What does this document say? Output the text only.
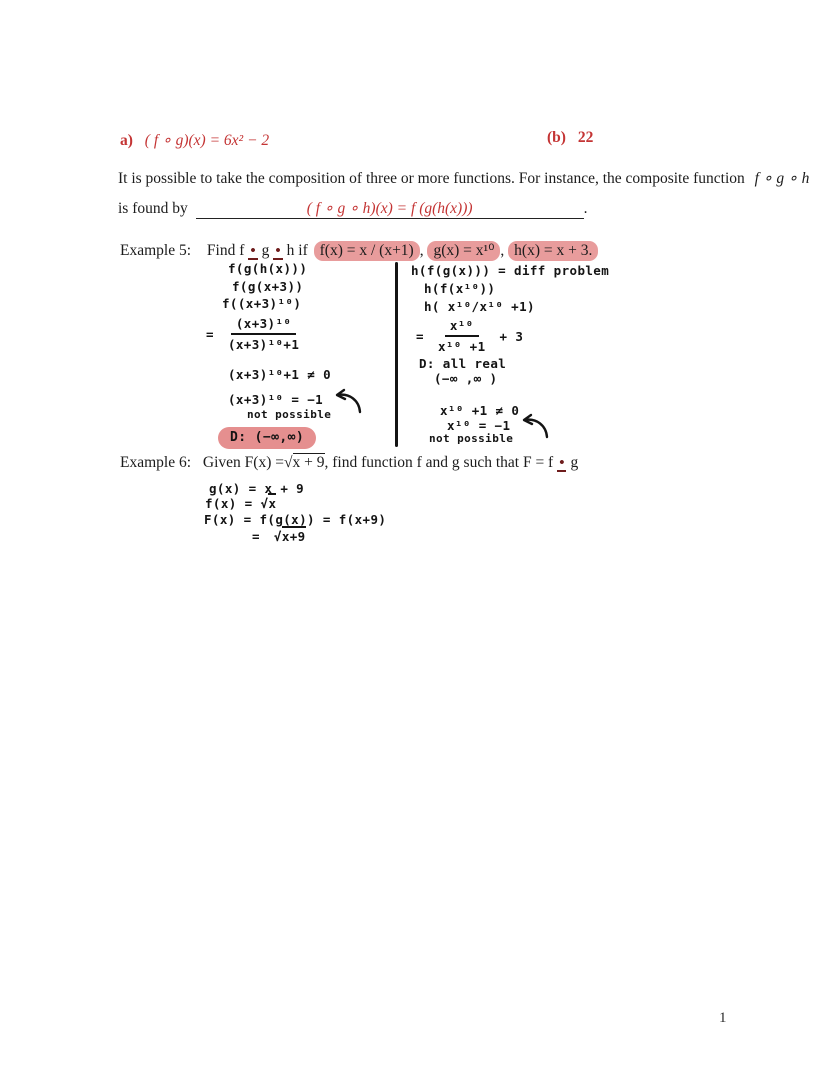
a) ( f ∘ g)(x) = 6x² − 2	(b) 22
It is possible to take the composition of three or more functions. For instance, the composite function f ∘ g ∘ h
is found by	( f ∘ g ∘ h)(x) = f (g(h(x)))	.
Example 5: Find f • g • h if f(x) = x / (x+1) , g(x) = x¹⁰ , h(x) = x + 3.
f(g(h(x)))
f(g(x+3))
f((x+3)¹⁰)
= $\frac{\text{(x+3)¹⁰}}{\text{(x+3)¹⁰+1}}$
(x+3)¹⁰+1 ≠ 0
(x+3)¹⁰ = −1
not possible
D: (−∞,∞)
h(f(g(x))) = diff problem
h(f(x¹⁰))
h( x¹⁰∕x¹⁰ +1)
= $\frac{\text{x¹⁰}}{\text{x¹⁰ +1}} + 3$
D: all real
(−∞ ,∞ )
x¹⁰ +1 ≠ 0
x¹⁰ = −1
not possible
Example 6: Given F(x) =√x + 9, find function f and g such that F = f • g
g(x) = x + 9
f(x) = √x
F(x) = f(g(x)) = f(x+9)
= √x+9
1
